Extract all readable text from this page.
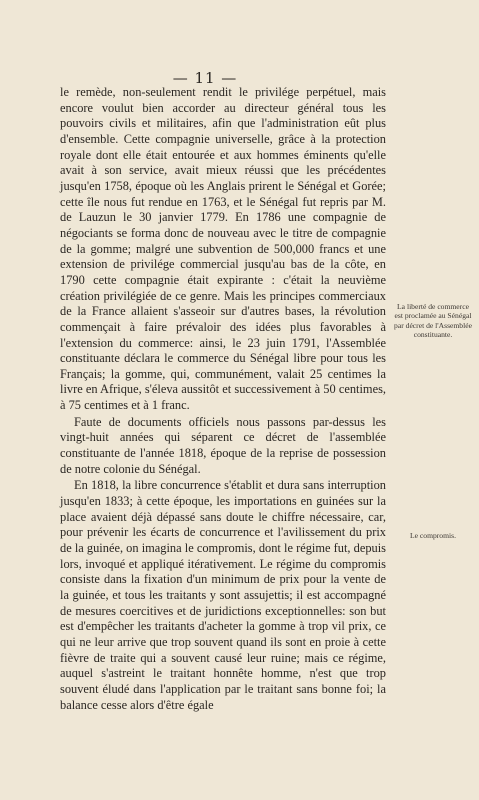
— 11 —

le remède, non-seulement rendit le privilége perpétuel, mais encore voulut bien accorder au directeur général tous les pouvoirs civils et militaires, afin que l'administration eût plus d'ensemble. Cette compagnie universelle, grâce à la protection royale dont elle était entourée et aux hommes éminents qu'elle avait à son service, avait mieux réussi que les précédentes jusqu'en 1758, époque où les Anglais prirent le Sénégal et Gorée; cette île nous fut rendue en 1763, et le Sénégal fut repris par M. de Lauzun le 30 janvier 1779. En 1786 une compagnie de négociants se forma donc de nouveau avec le titre de compagnie de la gomme; malgré une subvention de 500,000 francs et une extension de privilége commercial jusqu'au bas de la côte, en 1790 cette compagnie était expirante : c'était la neuvième création privilégiée de ce genre. Mais les principes commerciaux de la France allaient s'asseoir sur d'autres bases, la révolution commençait à faire prévaloir des idées plus favorables à l'extension du commerce: ainsi, le 23 juin 1791, l'Assemblée constituante déclara le commerce du Sénégal libre pour tous les Français; la gomme, qui, communément, valait 25 centimes la livre en Afrique, s'éleva aussitôt et successivement à 50 centimes, à 75 centimes et à 1 franc.

Faute de documents officiels nous passons par-dessus les vingt-huit années qui séparent ce décret de l'assemblée constituante de l'année 1818, époque de la reprise de possession de notre colonie du Sénégal.

En 1818, la libre concurrence s'établit et dura sans interruption jusqu'en 1833; à cette époque, les importations en guinées sur la place avaient déjà dépassé sans doute le chiffre nécessaire, car, pour prévenir les écarts de concurrence et l'avilissement du prix de la guinée, on imagina le compromis, dont le régime fut, depuis lors, invoqué et appliqué itérativement. Le régime du compromis consiste dans la fixation d'un minimum de prix pour la vente de la guinée, et tous les traitants y sont assujettis; il est accompagné de mesures coercitives et de juridictions exceptionnelles: son but est d'empêcher les traitants d'acheter la gomme à trop vil prix, ce qui ne leur arrive que trop souvent quand ils sont en proie à cette fièvre de traite qui a souvent causé leur ruine; mais ce régime, auquel s'astreint le traitant honnête homme, n'est que trop souvent éludé dans l'application par le traitant sans bonne foi; la balance cesse alors d'être égale

La liberté de commerce est proclamée au Sénégal par décret de l'Assemblée constituante.
Le compromis.
